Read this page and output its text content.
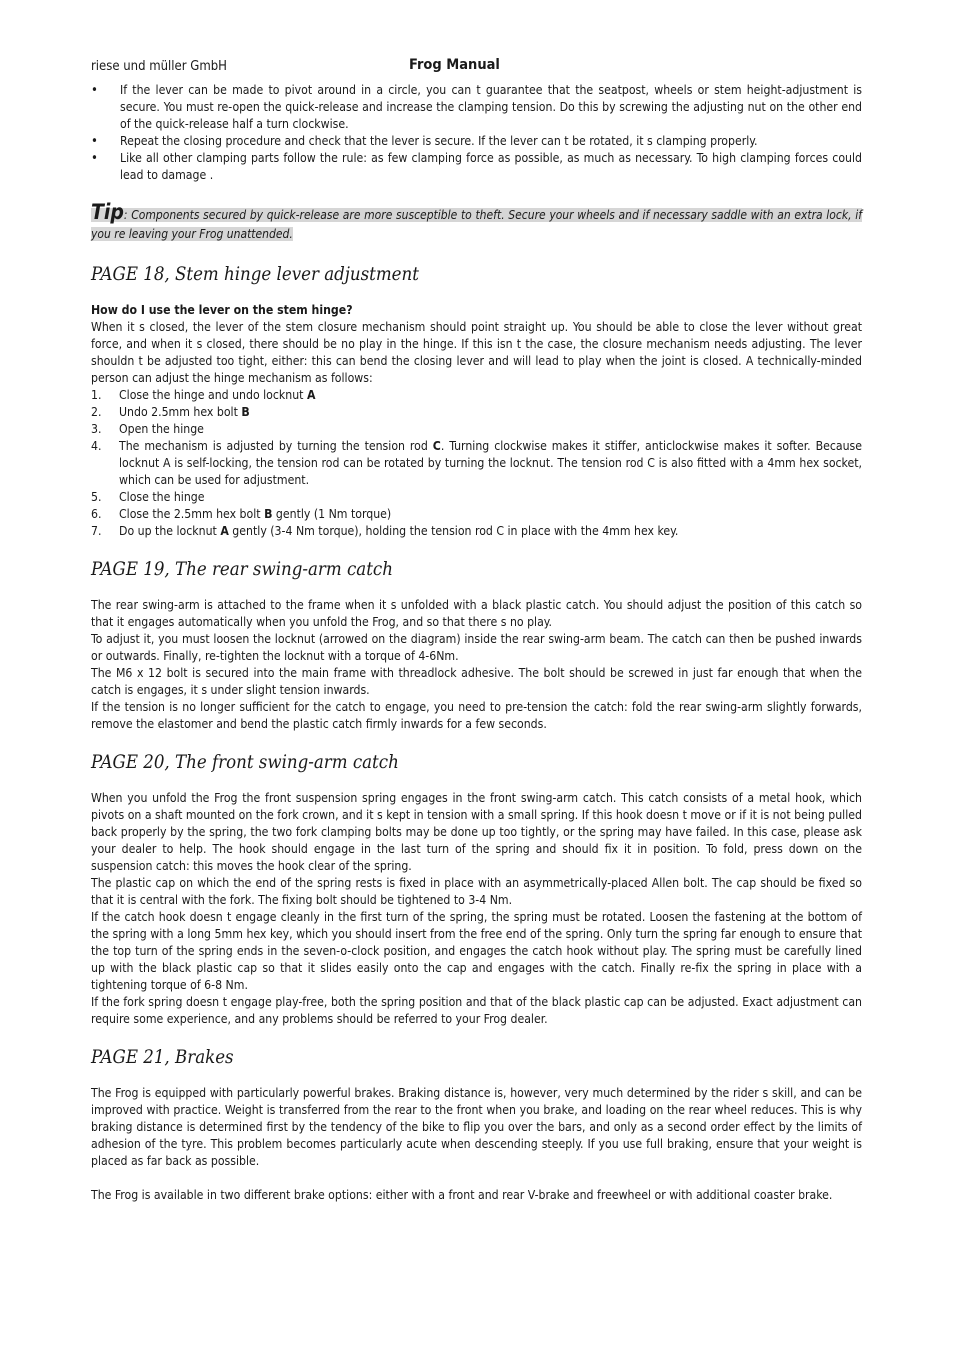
riese und müller GmbH	Frog Manual
• If the lever can be made to pivot around in a circle, you can t guarantee that the seatpost, wheels or stem height-adjustment is secure. You must re-open the quick-release and increase the clamping tension. Do this by screwing the adjusting nut on the other end of the quick-release half a turn clockwise.
• Repeat the closing procedure and check that the lever is secure. If the lever can t be rotated, it s clamping properly.
• Like all other clamping parts follow the rule: as few clamping force as possible, as much as necessary. To high clamping forces could lead to damage .
Tip: Components secured by quick-release are more susceptible to theft. Secure your wheels and if necessary saddle with an extra lock, if you re leaving your Frog unattended.
PAGE 18, Stem hinge lever adjustment

How do I use the lever on the stem hinge?

When it s closed, the lever of the stem closure mechanism should point straight up. You should be able to close the lever without great force, and when it s closed, there should be no play in the hinge. If this isn t the case, the closure mechanism needs adjusting. The lever shouldn t be adjusted too tight, either: this can bend the closing lever and will lead to play when the joint is closed. A technically-minded person can adjust the hinge mechanism as follows:

1. Close the hinge and undo locknut A
2. Undo 2.5mm hex bolt B
3. Open the hinge
4. The mechanism is adjusted by turning the tension rod C. Turning clockwise makes it stiffer, anticlockwise makes it softer. Because locknut A is self-locking, the tension rod can be rotated by turning the locknut. The tension rod C is also fitted with a 4mm hex socket, which can be used for adjustment.
5. Close the hinge
6. Close the 2.5mm hex bolt B gently (1 Nm torque)
7. Do up the locknut A gently (3-4 Nm torque), holding the tension rod C in place with the 4mm hex key.
PAGE 19, The rear swing-arm catch

The rear swing-arm is attached to the frame when it s unfolded with a black plastic catch. You should adjust the position of this catch so that it engages automatically when you unfold the Frog, and so that there s no play.

To adjust it, you must loosen the locknut (arrowed on the diagram) inside the rear swing-arm beam. The catch can then be pushed inwards or outwards. Finally, re-tighten the locknut with a torque of 4-6Nm.

The M6 x 12 bolt is secured into the main frame with threadlock adhesive. The bolt should be screwed in just far enough that when the catch is engages, it s under slight tension inwards.

If the tension is no longer sufficient for the catch to engage, you need to pre-tension the catch: fold the rear swing-arm slightly forwards, remove the elastomer and bend the plastic catch firmly inwards for a few seconds.

PAGE 20, The front swing-arm catch

When you unfold the Frog the front suspension spring engages in the front swing-arm catch. This catch consists of a metal hook, which pivots on a shaft mounted on the fork crown, and it s kept in tension with a small spring. If this hook doesn t move or if it is not being pulled back properly by the spring, the two fork clamping bolts may be done up too tightly, or the spring may have failed. In this case, please ask your dealer to help. The hook should engage in the last turn of the spring and should fix it in position. To fold, press down on the suspension catch: this moves the hook clear of the spring.

The plastic cap on which the end of the spring rests is fixed in place with an asymmetrically-placed Allen bolt. The cap should be fixed so that it is central with the fork. The fixing bolt should be tightened to 3-4 Nm.

If the catch hook doesn t engage cleanly in the first turn of the spring, the spring must be rotated. Loosen the fastening at the bottom of the spring with a long 5mm hex key, which you should insert from the free end of the spring. Only turn the spring far enough to ensure that the top turn of the spring ends in the seven-o-clock position, and engages the catch hook without play. The spring must be carefully lined up with the black plastic cap so that it slides easily onto the cap and engages with the catch. Finally re-fix the spring in place with a tightening torque of 6-8 Nm.

If the fork spring doesn t engage play-free, both the spring position and that of the black plastic cap can be adjusted. Exact adjustment can require some experience, and any problems should be referred to your Frog dealer.

PAGE 21, Brakes

The Frog is equipped with particularly powerful brakes. Braking distance is, however, very much determined by the rider s skill, and can be improved with practice. Weight is transferred from the rear to the front when you brake, and loading on the rear wheel reduces. This is why braking distance is determined first by the tendency of the bike to flip you over the bars, and only as a second order effect by the limits of adhesion of the tyre. This problem becomes particularly acute when descending steeply. If you use full braking, ensure that your weight is placed as far back as possible.

The Frog is available in two different brake options: either with a front and rear V-brake and freewheel or with additional coaster brake.
